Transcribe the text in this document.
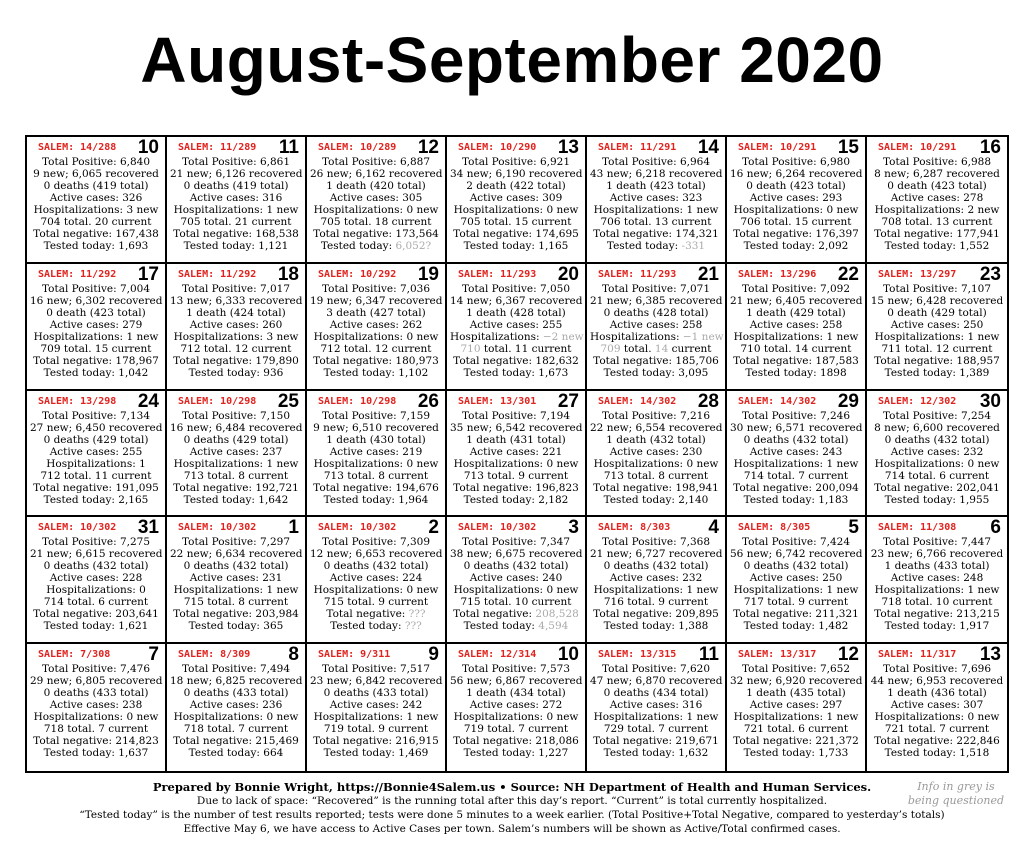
August-September 2020
SALEM: 14/288 10
Total Positive: 6,840
9 new; 6,065 recovered
0 deaths (419 total)
Active cases: 326
Hospitalizations: 3 new
704 total. 20 current
Total negative: 167,438
Tested today: 1,693
SALEM: 11/289 11
Total Positive: 6,861
21 new; 6,126 recovered
0 deaths (419 total)
Active cases: 316
Hospitalizations: 1 new
705 total. 21 current
Total negative: 168,538
Tested today: 1,121
SALEM: 10/289 12
Total Positive: 6,887
26 new; 6,162 recovered
1 death (420 total)
Active cases: 305
Hospitalizations: 0 new
705 total. 18 current
Total negative: 173,564
Tested today: 6,052?
SALEM: 10/290 13
Total Positive: 6,921
34 new; 6,190 recovered
2 death (422 total)
Active cases: 309
Hospitalizations: 0 new
705 total. 15 current
Total negative: 174,695
Tested today: 1,165
SALEM: 11/291 14
Total Positive: 6,964
43 new; 6,218 recovered
1 death (423 total)
Active cases: 323
Hospitalizations: 1 new
706 total. 13 current
Total negative: 174,321
Tested today: -331
SALEM: 10/291 15
Total Positive: 6,980
16 new; 6,264 recovered
0 death (423 total)
Active cases: 293
Hospitalizations: 0 new
706 total. 15 current
Total negative: 176,397
Tested today: 2,092
SALEM: 10/291 16
Total Positive: 6,988
8 new; 6,287 recovered
0 death (423 total)
Active cases: 278
Hospitalizations: 2 new
708 total. 13 current
Total negative: 177,941
Tested today: 1,552
SALEM: 11/292 17
Total Positive: 7,004
16 new; 6,302 recovered
0 death (423 total)
Active cases: 279
Hospitalizations: 1 new
709 total. 15 current
Total negative: 178,967
Tested today: 1,042
SALEM: 11/292 18
Total Positive: 7,017
13 new; 6,333 recovered
1 death (424 total)
Active cases: 260
Hospitalizations: 3 new
712 total. 12 current
Total negative: 179,890
Tested today: 936
SALEM: 10/292 19
Total Positive: 7,036
19 new; 6,347 recovered
3 death (427 total)
Active cases: 262
Hospitalizations: 0 new
712 total. 12 current
Total negative: 180,973
Tested today: 1,102
SALEM: 11/293 20
Total Positive: 7,050
14 new; 6,367 recovered
1 death (428 total)
Active cases: 255
Hospitalizations: −2 new
710 total. 11 current
Total negative: 182,632
Tested today: 1,673
SALEM: 11/293 21
Total Positive: 7,071
21 new; 6,385 recovered
0 deaths (428 total)
Active cases: 258
Hospitalizations: −1 new
709 total. 14 current
Total negative: 185,706
Tested today: 3,095
SALEM: 13/296 22
Total Positive: 7,092
21 new; 6,405 recovered
1 death (429 total)
Active cases: 258
Hospitalizations: 1 new
710 total. 14 current
Total negative: 187,583
Tested today: 1898
SALEM: 13/297 23
Total Positive: 7,107
15 new; 6,428 recovered
0 death (429 total)
Active cases: 250
Hospitalizations: 1 new
711 total. 12 current
Total negative: 188,957
Tested today: 1,389
SALEM: 13/298 24
Total Positive: 7,134
27 new; 6,450 recovered
0 deaths (429 total)
Active cases: 255
Hospitalizations: 1
712 total. 11 current
Total negative: 191,095
Tested today: 2,165
SALEM: 10/298 25
Total Positive: 7,150
16 new; 6,484 recovered
0 deaths (429 total)
Active cases: 237
Hospitalizations: 1 new
713 total. 8 current
Total negative: 192,721
Tested today: 1,642
SALEM: 10/298 26
Total Positive: 7,159
9 new; 6,510 recovered
1 death (430 total)
Active cases: 219
Hospitalizations: 0 new
713 total. 8 current
Total negative: 194,676
Tested today: 1,964
SALEM: 13/301 27
Total Positive: 7,194
35 new; 6,542 recovered
1 death (431 total)
Active cases: 221
Hospitalizations: 0 new
713 total. 9 current
Total negative: 196,823
Tested today: 2,182
SALEM: 14/302 28
Total Positive: 7,216
22 new; 6,554 recovered
1 death (432 total)
Active cases: 230
Hospitalizations: 0 new
713 total. 8 current
Total negative: 198,941
Tested today: 2,140
SALEM: 14/302 29
Total Positive: 7,246
30 new; 6,571 recovered
0 deaths (432 total)
Active cases: 243
Hospitalizations: 1 new
714 total. 7 current
Total negative: 200,094
Tested today: 1,183
SALEM: 12/302 30
Total Positive: 7,254
8 new; 6,600 recovered
0 deaths (432 total)
Active cases: 232
Hospitalizations: 0 new
714 total. 6 current
Total negative: 202,041
Tested today: 1,955
SALEM: 10/302 31
Total Positive: 7,275
21 new; 6,615 recovered
0 deaths (432 total)
Active cases: 228
Hospitalizations: 0
714 total. 6 current
Total negative: 203,641
Tested today: 1,621
SALEM: 10/302 1
Total Positive: 7,297
22 new; 6,634 recovered
0 deaths (432 total)
Active cases: 231
Hospitalizations: 1 new
715 total. 8 current
Total negative: 203,984
Tested today: 365
SALEM: 10/302 2
Total Positive: 7,309
12 new; 6,653 recovered
0 deaths (432 total)
Active cases: 224
Hospitalizations: 0 new
715 total. 9 current
Total negative: ???
Tested today: ???
SALEM: 10/302 3
Total Positive: 7,347
38 new; 6,675 recovered
0 deaths (432 total)
Active cases: 240
Hospitalizations: 0 new
715 total. 10 current
Total negative: 208,528
Tested today: 4,594
SALEM: 8/303 4
Total Positive: 7,368
21 new; 6,727 recovered
0 deaths (432 total)
Active cases: 232
Hospitalizations: 1 new
716 total. 9 current
Total negative: 209,895
Tested today: 1,388
SALEM: 8/305 5
Total Positive: 7,424
56 new; 6,742 recovered
0 deaths (432 total)
Active cases: 250
Hospitalizations: 1 new
717 total. 9 current
Total negative: 211,321
Tested today: 1,482
SALEM: 11/308 6
Total Positive: 7,447
23 new; 6,766 recovered
1 deaths (433 total)
Active cases: 248
Hospitalizations: 1 new
718 total. 10 current
Total negative: 213,215
Tested today: 1,917
SALEM: 7/308 7
Total Positive: 7,476
29 new; 6,805 recovered
0 deaths (433 total)
Active cases: 238
Hospitalizations: 0 new
718 total. 7 current
Total negative: 214,823
Tested today: 1,637
SALEM: 8/309 8
Total Positive: 7,494
18 new; 6,825 recovered
0 deaths (433 total)
Active cases: 236
Hospitalizations: 0 new
718 total. 7 current
Total negative: 215,469
Tested today: 664
SALEM: 9/311 9
Total Positive: 7,517
23 new; 6,842 recovered
0 deaths (433 total)
Active cases: 242
Hospitalizations: 1 new
719 total. 9 current
Total negative: 216,915
Tested today: 1,469
SALEM: 12/314 10
Total Positive: 7,573
56 new; 6,867 recovered
1 death (434 total)
Active cases: 272
Hospitalizations: 0 new
719 total. 7 current
Total negative: 218,086
Tested today: 1,227
SALEM: 13/315 11
Total Positive: 7,620
47 new; 6,870 recovered
0 deaths (434 total)
Active cases: 316
Hospitalizations: 1 new
729 total. 7 current
Total negative: 219,671
Tested today: 1,632
SALEM: 13/317 12
Total Positive: 7,652
32 new; 6,920 recovered
1 death (435 total)
Active cases: 297
Hospitalizations: 1 new
721 total. 6 current
Total negative: 221,372
Tested today: 1,733
SALEM: 11/317 13
Total Positive: 7,696
44 new; 6,953 recovered
1 death (436 total)
Active cases: 307
Hospitalizations: 0 new
721 total. 7 current
Total negative: 222,846
Tested today: 1,518
Prepared by Bonnie Wright, https://Bonnie4Salem.us • Source: NH Department of Health and Human Services.
Due to lack of space: “Recovered” is the running total after this day’s report. “Current” is total currently hospitalized.
“Tested today” is the number of test results reported; tests were done 5 minutes to a week earlier. (Total Positive+Total Negative, compared to yesterday’s totals)
Effective May 6, we have access to Active Cases per town. Salem’s numbers will be shown as Active/Total confirmed cases.
Info in grey is
being questioned
